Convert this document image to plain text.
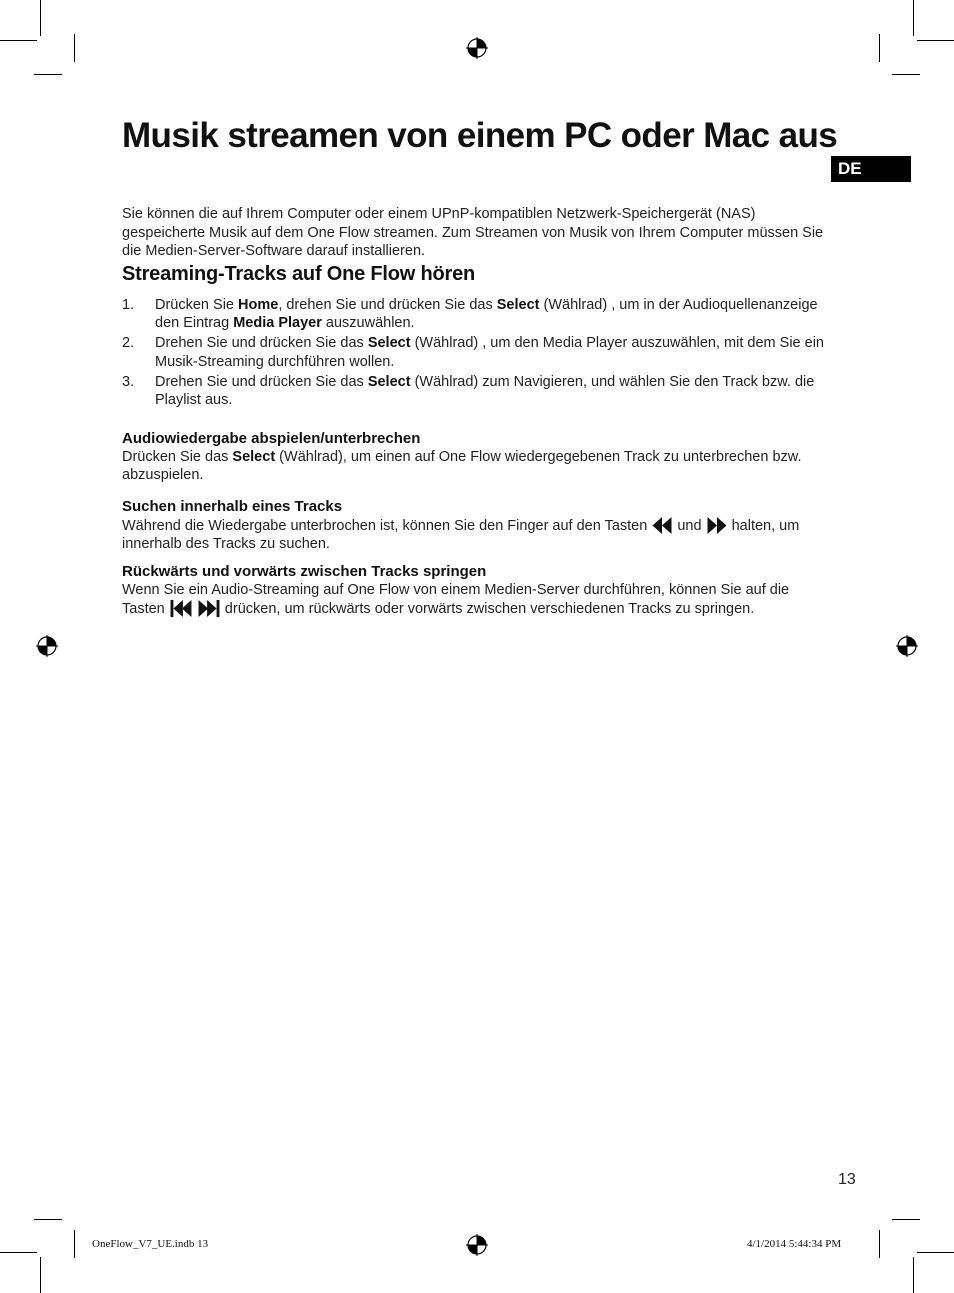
Musik streamen von einem PC oder Mac aus
DE

Sie können die auf Ihrem Computer oder einem UPnP-kompatiblen Netzwerk-Speichergerät (NAS) gespeicherte Musik auf dem One Flow streamen. Zum Streamen von Musik von Ihrem Computer müssen Sie die Medien-Server-Software darauf installieren.

Streaming-Tracks auf One Flow hören
1. Drücken Sie Home, drehen Sie und drücken Sie das Select (Wählrad) , um in der Audioquellenanzeige den Eintrag Media Player auszuwählen.
2. Drehen Sie und drücken Sie das Select (Wählrad) , um den Media Player auszuwählen, mit dem Sie ein Musik-Streaming durchführen wollen.
3. Drehen Sie und drücken Sie das Select (Wählrad) zum Navigieren, und wählen Sie den Track bzw. die Playlist aus.
Audiowiedergabe abspielen/unterbrechen

Drücken Sie das Select (Wählrad), um einen auf One Flow wiedergegebenen Track zu unterbrechen bzw. abzuspielen.

Suchen innerhalb eines Tracks

Während die Wiedergabe unterbrochen ist, können Sie den Finger auf den Tasten
und
halten, um innerhalb des Tracks zu suchen.

Rückwärts und vorwärts zwischen Tracks springen

Wenn Sie ein Audio-Streaming auf One Flow von einem Medien-Server durchführen, können Sie auf die Tasten
	drücken, um rückwärts oder vorwärts zwischen verschiedenen Tracks zu springen.

13
OneFlow_V7_UE.indb 13	4/1/2014 5:44:34 PM
